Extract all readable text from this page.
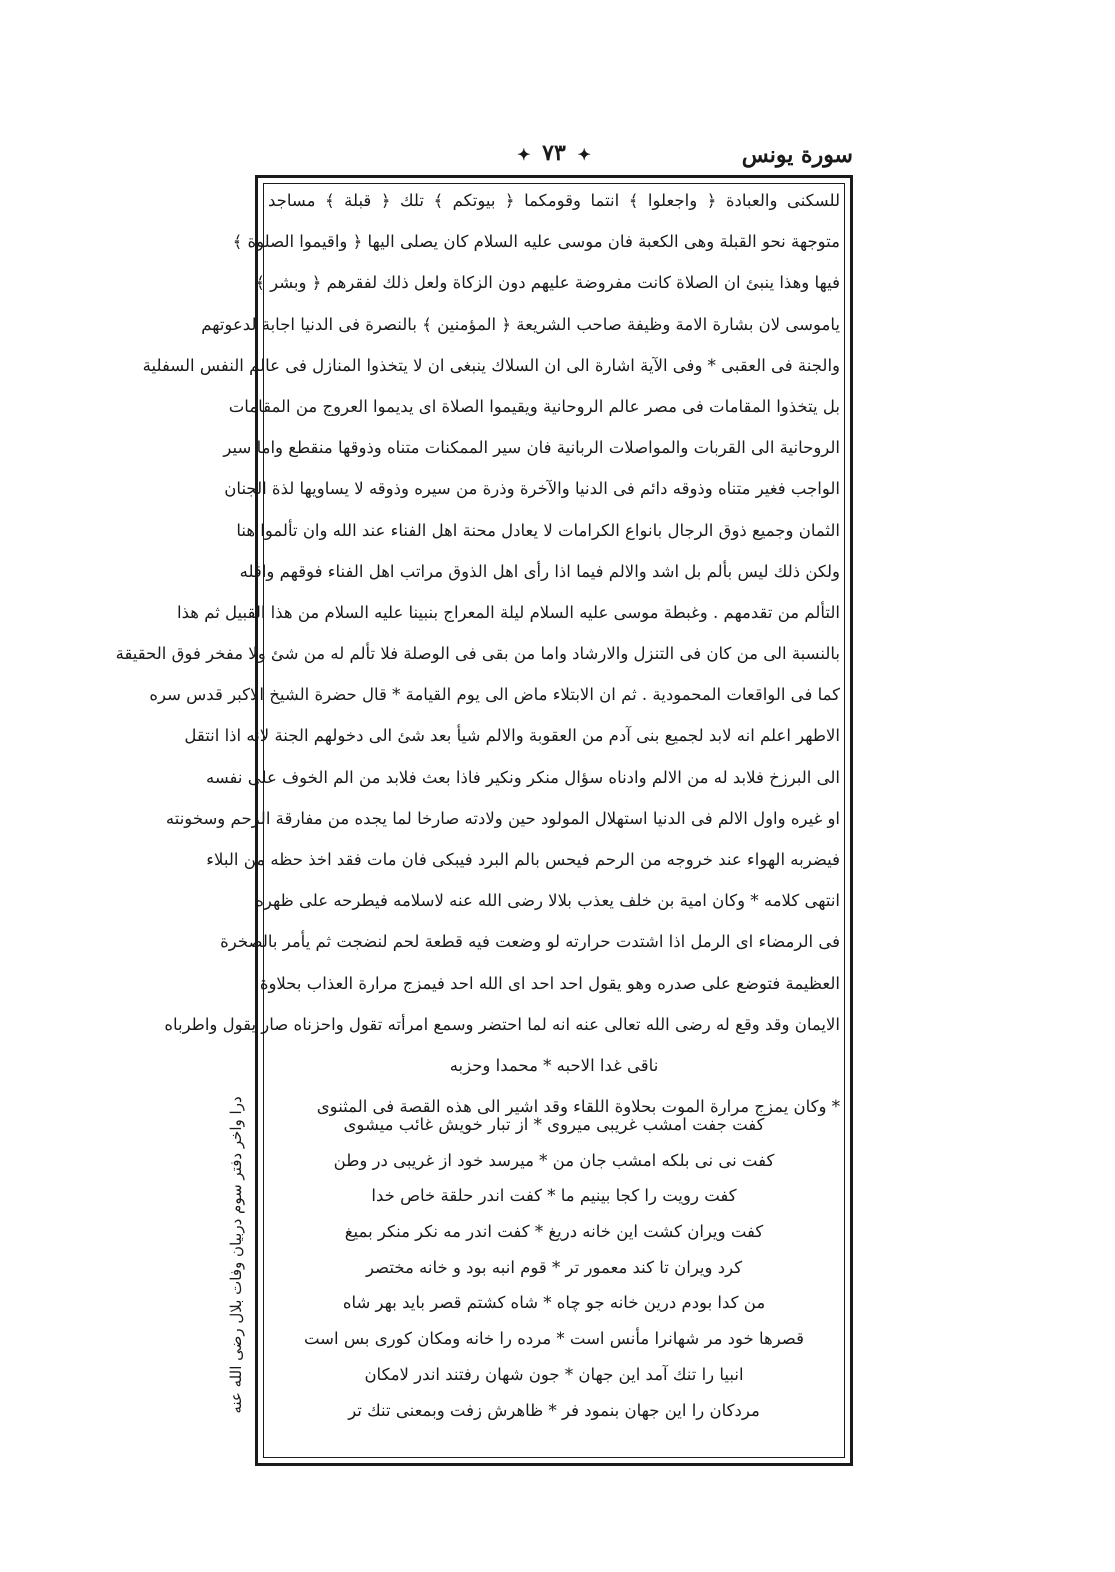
سورة يونس
✦ ٧٣ ✦
للسكنى والعبادة ﴿ واجعلوا ﴾ انتما وقومكما ﴿ بيوتكم ﴾ تلك ﴿ قبلة ﴾ مساجد
متوجهة نحو القبلة وهى الكعبة فان موسى عليه السلام كان يصلى اليها ﴿ واقيموا الصلوة ﴾
فيها وهذا ينبئ ان الصلاة كانت مفروضة عليهم دون الزكاة ولعل ذلك لفقرهم ﴿ وبشر ﴾
ياموسى لان بشارة الامة وظيفة صاحب الشريعة ﴿ المؤمنين ﴾ بالنصرة فى الدنيا اجابة لدعوتهم
والجنة فى العقبى * وفى الآية اشارة الى ان السلاك ينبغى ان لا يتخذوا المنازل فى عالم النفس السفلية
بل يتخذوا المقامات فى مصر عالم الروحانية ويقيموا الصلاة اى يديموا العروج من المقامات
الروحانية الى القربات والمواصلات الربانية فان سير الممكنات متناه وذوقها منقطع واما سير
الواجب فغير متناه وذوقه دائم فى الدنيا والآخرة وذرة من سيره وذوقه لا يساويها لذة الجنان
الثمان وجميع ذوق الرجال بانواع الكرامات لا يعادل محنة اهل الفناء عند الله وان تألموا هنا
ولكن ذلك ليس بألم بل اشد والالم فيما اذا رأى اهل الذوق مراتب اهل الفناء فوقهم واقله
التألم من تقدمهم . وغبطة موسى عليه السلام ليلة المعراج بنبينا عليه السلام من هذا القبيل ثم هذا
بالنسبة الى من كان فى التنزل والارشاد واما من بقى فى الوصلة فلا تألم له من شئ ولا مفخر فوق الحقيقة
كما فى الواقعات المحمودية . ثم ان الابتلاء ماض الى يوم القيامة * قال حضرة الشيخ الاكبر قدس سره
الاطهر اعلم انه لابد لجميع بنى آدم من العقوبة والالم شيأ بعد شئ الى دخولهم الجنة لانه اذا انتقل
الى البرزخ فلابد له من الالم وادناه سؤال منكر ونكير فاذا بعث فلابد من الم الخوف على نفسه
او غيره واول الالم فى الدنيا استهلال المولود حين ولادته صارخا لما يجده من مفارقة الرحم وسخونته
فيضربه الهواء عند خروجه من الرحم فيحس بالم البرد فيبكى فان مات فقد اخذ حظه من البلاء
انتهى كلامه * وكان امية بن خلف يعذب بلالا رضى الله عنه لاسلامه فيطرحه على ظهره
فى الرمضاء اى الرمل اذا اشتدت حرارته لو وضعت فيه قطعة لحم لنضجت ثم يأمر بالصخرة
العظيمة فتوضع على صدره وهو يقول احد احد اى الله احد فيمزج مرارة العذاب بحلاوة
الايمان وقد وقع له رضى الله تعالى عنه انه لما احتضر وسمع امرأته تقول واحزناه صار يقول واطرباه
ناقى غدا الاحبه * محمدا وحزبه
* وكان يمزج مرارة الموت بحلاوة اللقاء وقد اشير الى هذه القصة فى المثنوى
كفت جفت امشب غريبى ميروى * از تبار خويش غائب ميشوى
كفت نى نى بلكه امشب جان من * ميرسد خود از غريبى در وطن
كفت رويت را كجا بينيم ما * كفت اندر حلقة خاص خدا
كفت ويران كشت اين خانه دريغ * كفت اندر مه نكر منكر بميغ
كرد ويران تا كند معمور تر * قوم انبه بود و خانه مختصر
من كدا بودم درين خانه جو چاه * شاه كشتم قصر بايد بهر شاه
قصرها خود مر شهانرا مأنس است * مرده را خانه ومكان كورى بس است
انبيا را تنك آمد اين جهان * جون شهان رفتند اندر لامكان
مردكان را اين جهان بنمود فر * ظاهرش زفت وبمعنى تنك تر
درا واخر دفتر سوم دربيان وفات بلال رضى الله عنه
